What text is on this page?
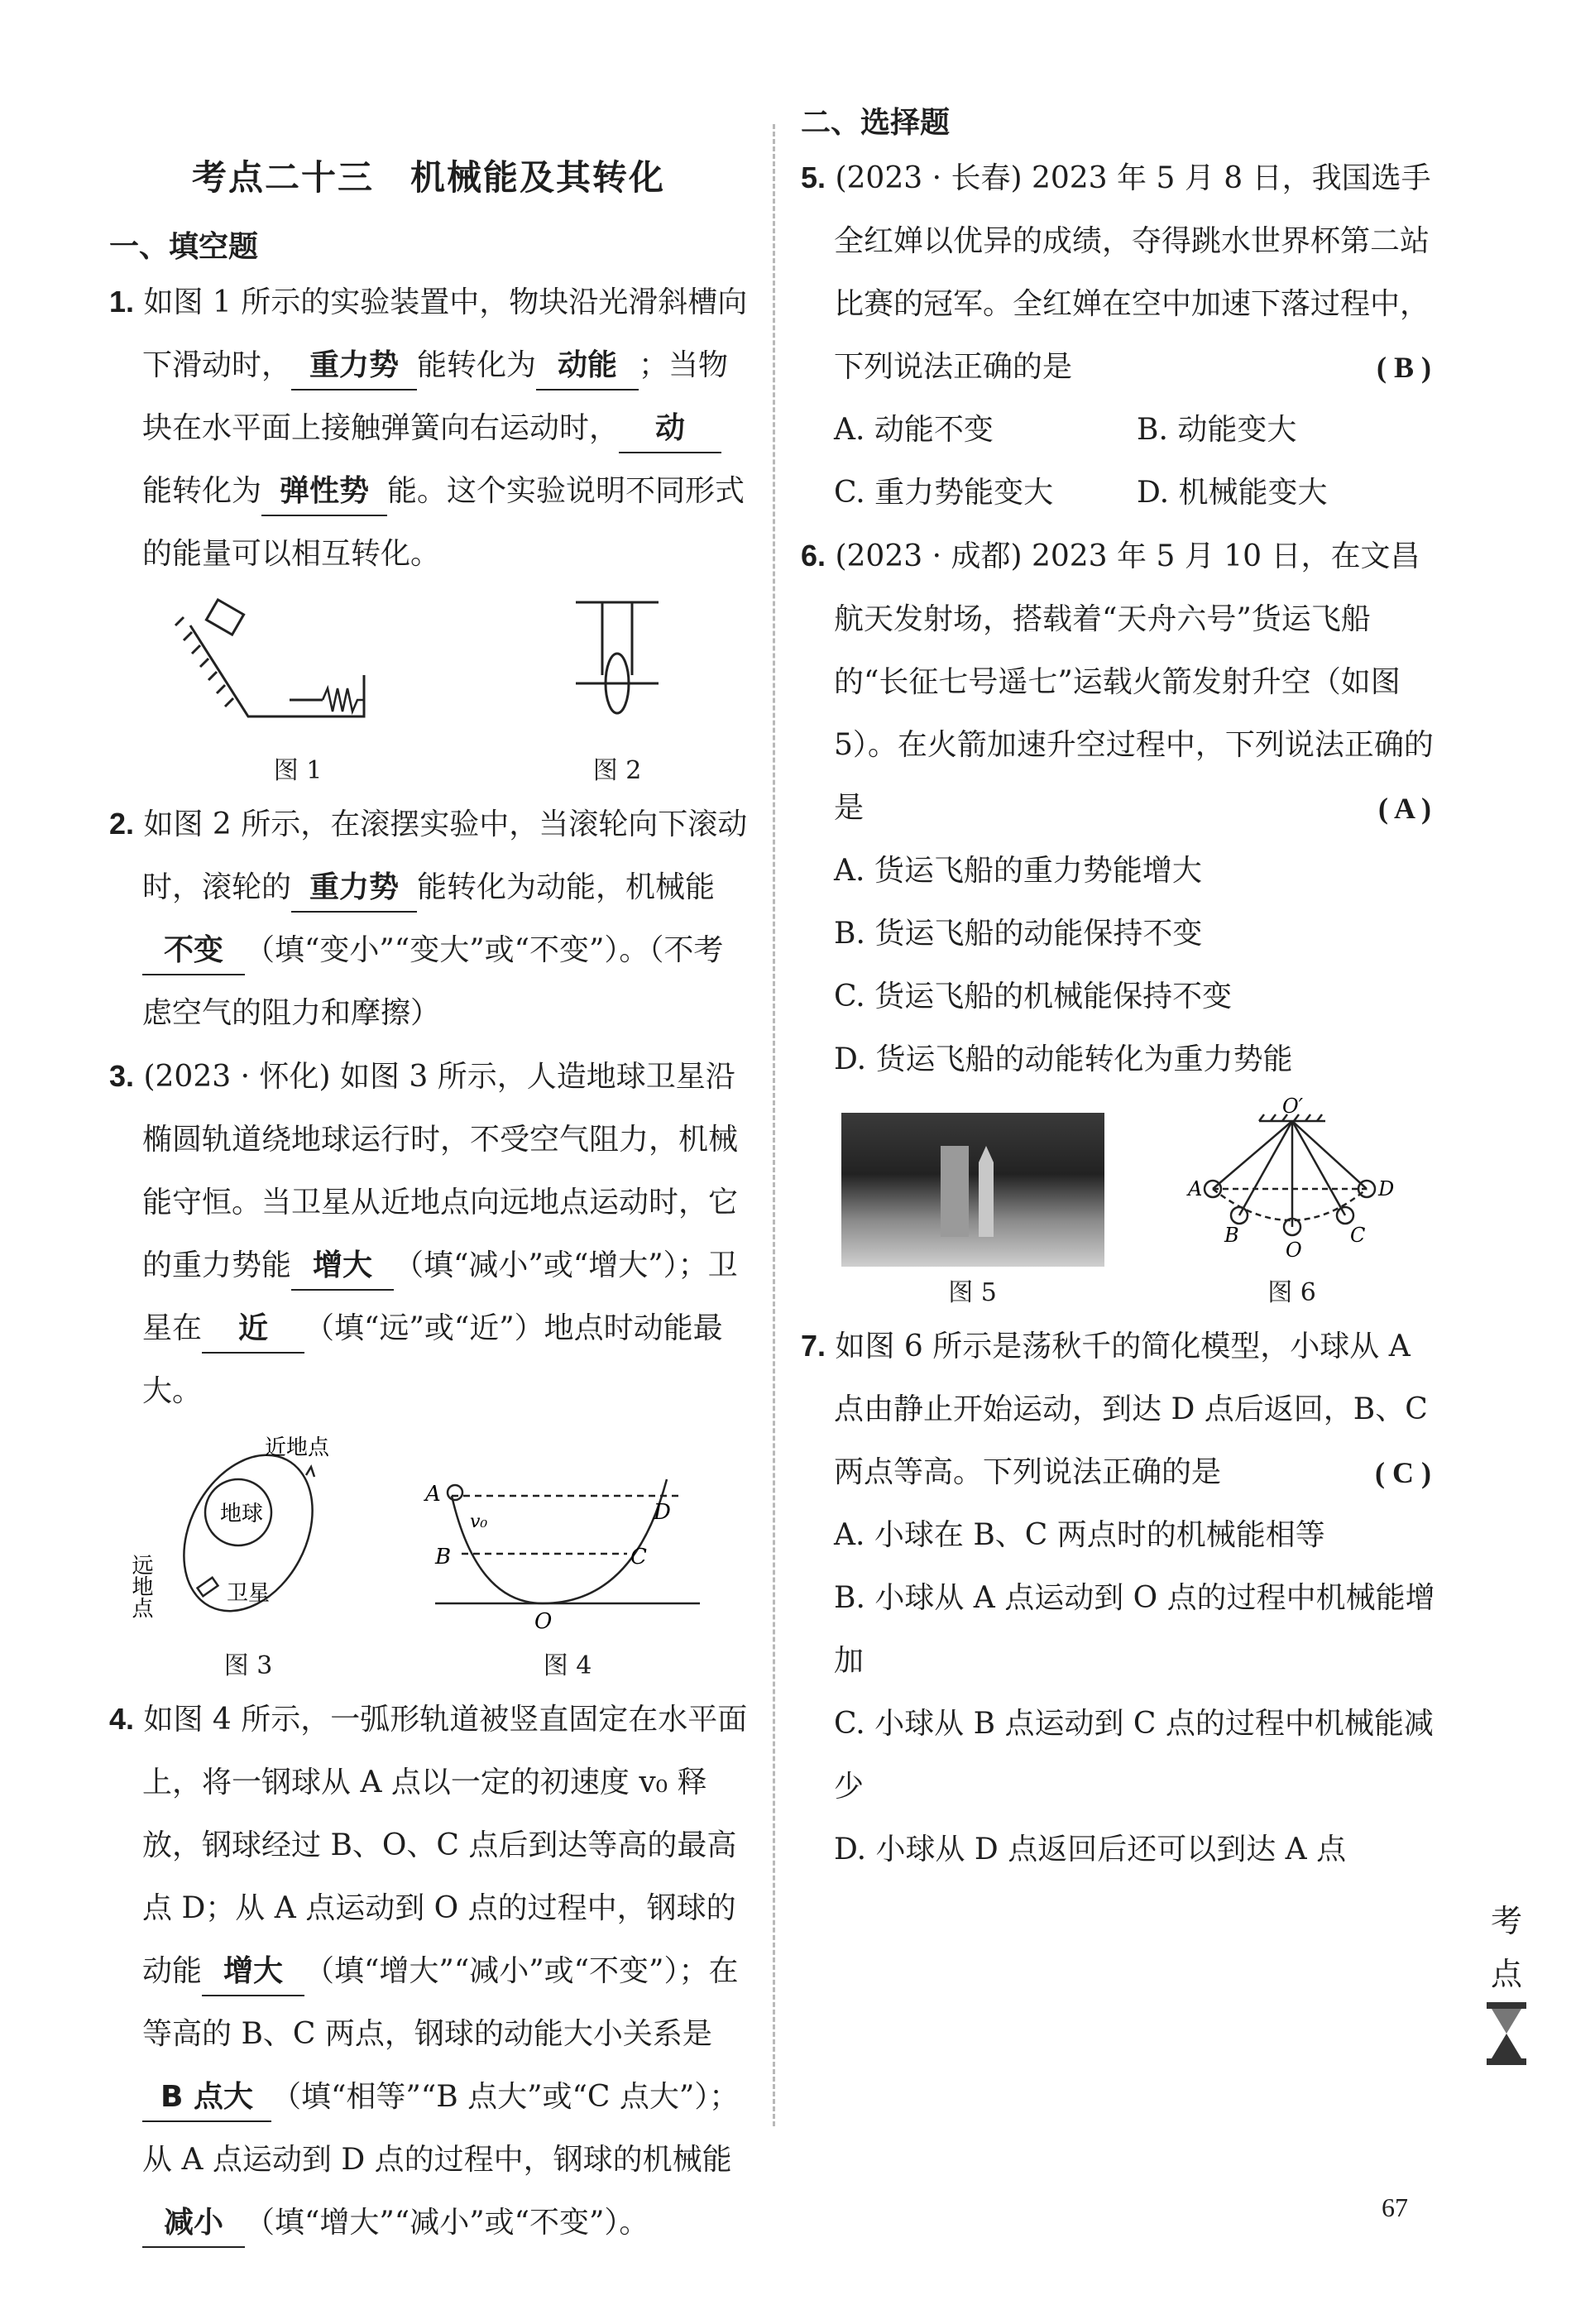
考点二十三　机械能及其转化
一、填空题

1. 如图 1 所示的实验装置中，物块沿光滑斜槽向下滑动时， 重力势 能转化为 动能 ；当物块在水平面上接触弹簧向右运动时， 动能转化为 弹性势 能。这个实验说明不同形式的能量可以相互转化。

图 1	图 2

2. 如图 2 所示，在滚摆实验中，当滚轮向下滚动时，滚轮的 重力势 能转化为动能，机械能不变 （填“变小”“变大”或“不变”）。（不考虑空气的阻力和摩擦）

3. (2023 · 怀化) 如图 3 所示，人造地球卫星沿椭圆轨道绕地球运行时，不受空气阻力，机械能守恒。当卫星从近地点向远地点运动时，它的重力势能 增大 （填“减小”或“增大”）；卫星在 近 （填“远”或“近”）地点时动能最大。

近地点
地球
卫星
远地点
图 3
A
v₀
B	C
D
O
图 4

4. 如图 4 所示，一弧形轨道被竖直固定在水平面上，将一钢球从 A 点以一定的初速度 v₀ 释放，钢球经过 B、O、C 点后到达等高的最高点 D；从 A 点运动到 O 点的过程中，钢球的动能 增大 （填“增大”“减小”或“不变”）；在等高的 B、C 两点，钢球的动能大小关系是B 点大 （填“相等”“B 点大”或“C 点大”）；从 A 点运动到 D 点的过程中，钢球的机械能减小 （填“增大”“减小”或“不变”）。

二、选择题

5. (2023 · 长春) 2023 年 5 月 8 日，我国选手全红婵以优异的成绩，夺得跳水世界杯第二站比赛的冠军。全红婵在空中加速下落过程中，下列说法正确的是	( B )

A. 动能不变	B. 动能变大
C. 重力势能变大	D. 机械能变大

6. (2023 · 成都) 2023 年 5 月 10 日，在文昌航天发射场，搭载着“天舟六号”货运飞船的“长征七号遥七”运载火箭发射升空（如图 5）。在火箭加速升空过程中，下列说法正确的是	( A )

A. 货运飞船的重力势能增大

B. 货运飞船的动能保持不变

C. 货运飞船的机械能保持不变

D. 货运飞船的动能转化为重力势能

图 5
O′
A
B
O
C
D
图 6

7. 如图 6 所示是荡秋千的简化模型，小球从 A 点由静止开始运动，到达 D 点后返回，B、C 两点等高。下列说法正确的是	( C )

A. 小球在 B、C 两点时的机械能相等

B. 小球从 A 点运动到 O 点的过程中机械能增加

C. 小球从 B 点运动到 C 点的过程中机械能减少

D. 小球从 D 点返回后还可以到达 A 点

考
点
67
